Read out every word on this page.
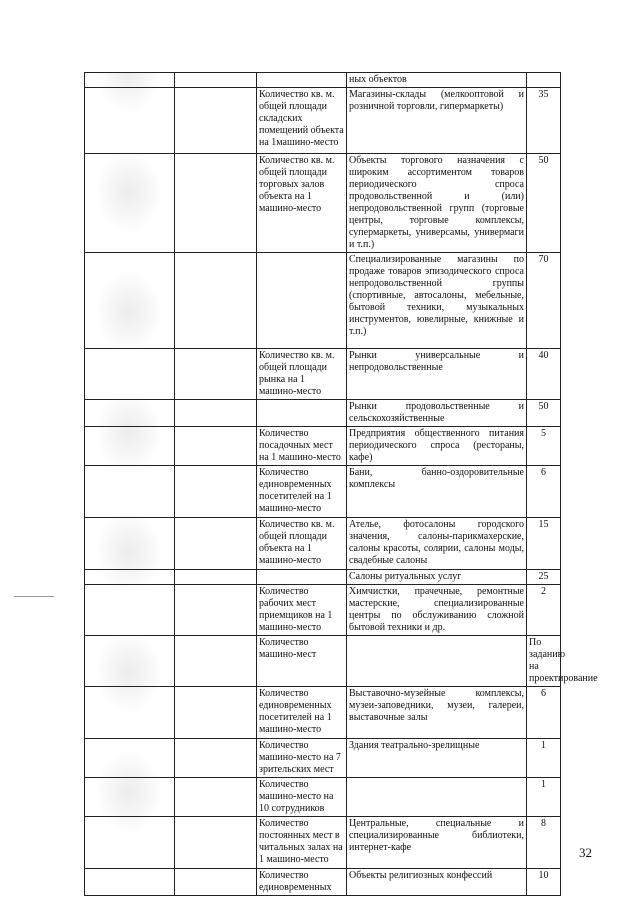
			ных объектов	
		Количество кв. м. общей площади складских помещений объекта на 1машино-место	Магазины-склады (мелкооптовой и розничной торговли, гипермаркеты)	35
		Количество кв. м. общей площади торговых залов объекта на 1 машино-место	Объекты торгового назначения с широким ассортиментом товаров периодического спроса продовольственной и (или) непродовольственной групп (торговые центры, торговые комплексы, супермаркеты, универсамы, универмаги и т.п.)	50
			Специализированные магазины по продаже товаров эпизодического спроса непродовольственной группы (спортивные, автосалоны, мебельные, бытовой техники, музыкальных инструментов, ювелирные, книжные и т.п.)	70
		Количество кв. м. общей площади рынка на 1 машино-место	Рынки универсальные и непродовольственные	40
			Рынки продовольственные и сельскохозяйственные	50
		Количество посадочных мест на 1 машино-место	Предприятия общественного питания периодического спроса (рестораны, кафе)	5
		Количество единовременных посетителей на 1 машино-место	Бани, банно-оздоровительные комплексы	6
		Количество кв. м. общей площади объекта на 1 машино-место	Ателье, фотосалоны городского значения, салоны-парикмахерские, салоны красоты, солярии, салоны моды, свадебные салоны	15
			Салоны ритуальных услуг	25
		Количество рабочих мест приемщиков на 1 машино-место	Химчистки, прачечные, ремонтные мастерские, специализированные центры по обслуживанию сложной бытовой техники и др.	2
		Количество машино-мест		По заданию на проектирование
		Количество единовременных посетителей на 1 машино-место	Выставочно-музейные комплексы, музеи-заповедники, музеи, галереи, выставочные залы	6
		Количество машино-место на 7 зрительских мест	Здания театрально-зрелищные	1
		Количество машино-место на 10 сотрудников		1
		Количество постоянных мест в читальных залах на 1 машино-место	Центральные, специальные и специализированные библиотеки, интернет-кафе	8
		Количество единовременных	Объекты религиозных конфессий	10
32
